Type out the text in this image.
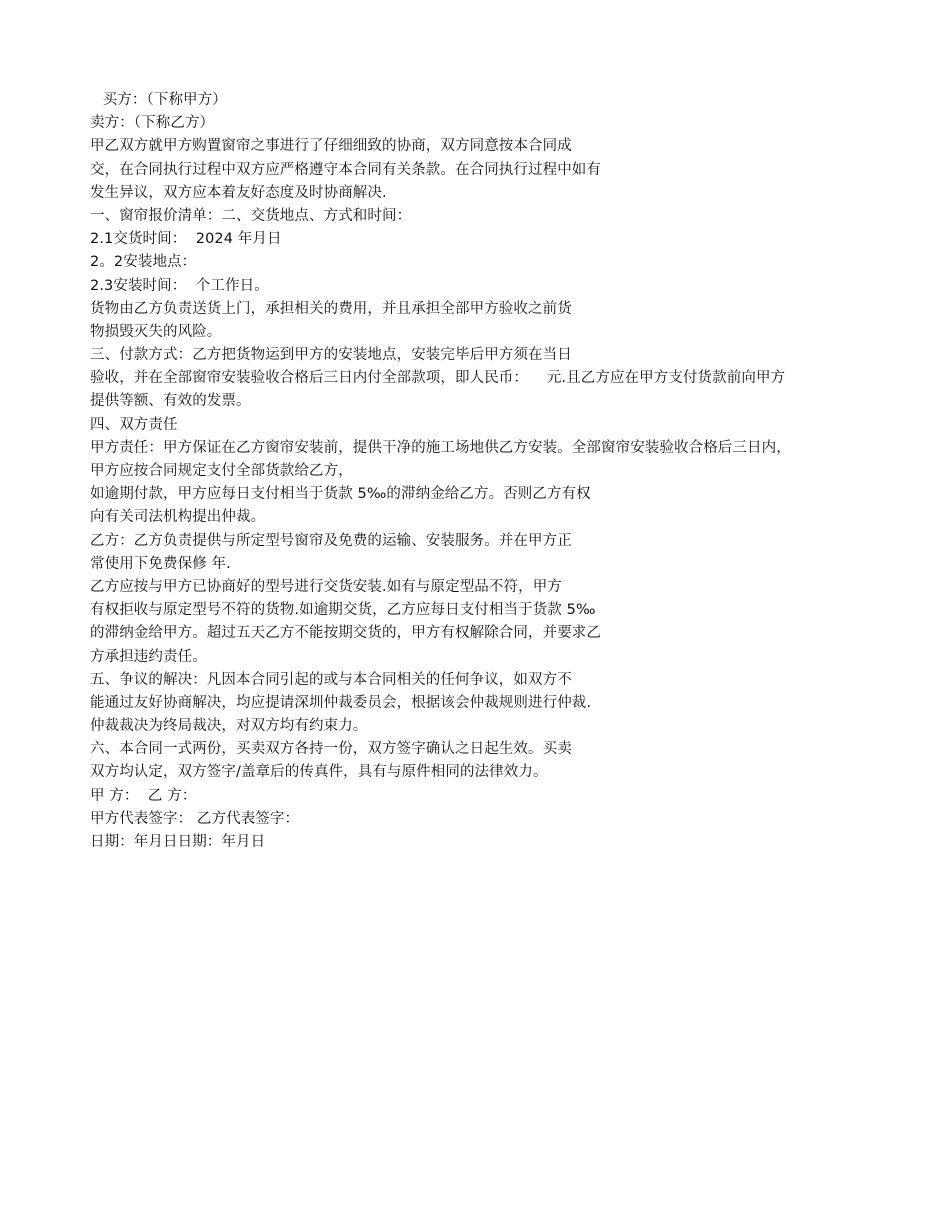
买方：（下称甲方）
卖方：（下称乙方）
甲乙双方就甲方购置窗帘之事进行了仔细细致的协商，双方同意按本合同成
交，在合同执行过程中双方应严格遵守本合同有关条款。在合同执行过程中如有
发生异议，双方应本着友好态度及时协商解决.
一、窗帘报价清单：二、交货地点、方式和时间：
2.1交货时间：  2024 年月日
2。2安装地点：
2.3安装时间：  个工作日。
货物由乙方负责送货上门，承担相关的费用，并且承担全部甲方验收之前货
物损毁灭失的风险。
三、付款方式：乙方把货物运到甲方的安装地点，安装完毕后甲方须在当日
验收，并在全部窗帘安装验收合格后三日内付全部款项，即人民币：    元.且乙方应在甲方支付货款前向甲方
提供等额、有效的发票。
四、双方责任
甲方责任：甲方保证在乙方窗帘安装前，提供干净的施工场地供乙方安装。全部窗帘安装验收合格后三日内，
甲方应按合同规定支付全部货款给乙方，
如逾期付款，甲方应每日支付相当于货款 5‰的滞纳金给乙方。否则乙方有权
向有关司法机构提出仲裁。
乙方：乙方负责提供与所定型号窗帘及免费的运输、安装服务。并在甲方正
常使用下免费保修 年.
乙方应按与甲方已协商好的型号进行交货安装.如有与原定型品不符，甲方
有权拒收与原定型号不符的货物.如逾期交货，乙方应每日支付相当于货款 5‰
的滞纳金给甲方。超过五天乙方不能按期交货的，甲方有权解除合同，并要求乙
方承担违约责任。
五、争议的解决：凡因本合同引起的或与本合同相关的任何争议，如双方不
能通过友好协商解决，均应提请深圳仲裁委员会，根据该会仲裁规则进行仲裁.
仲裁裁决为终局裁决，对双方均有约束力。
六、本合同一式两份，买卖双方各持一份，双方签字确认之日起生效。买卖
双方均认定，双方签字/盖章后的传真件，具有与原件相同的法律效力。
甲 方：  乙 方：
甲方代表签字： 乙方代表签字：
日期：年月日日期：年月日
